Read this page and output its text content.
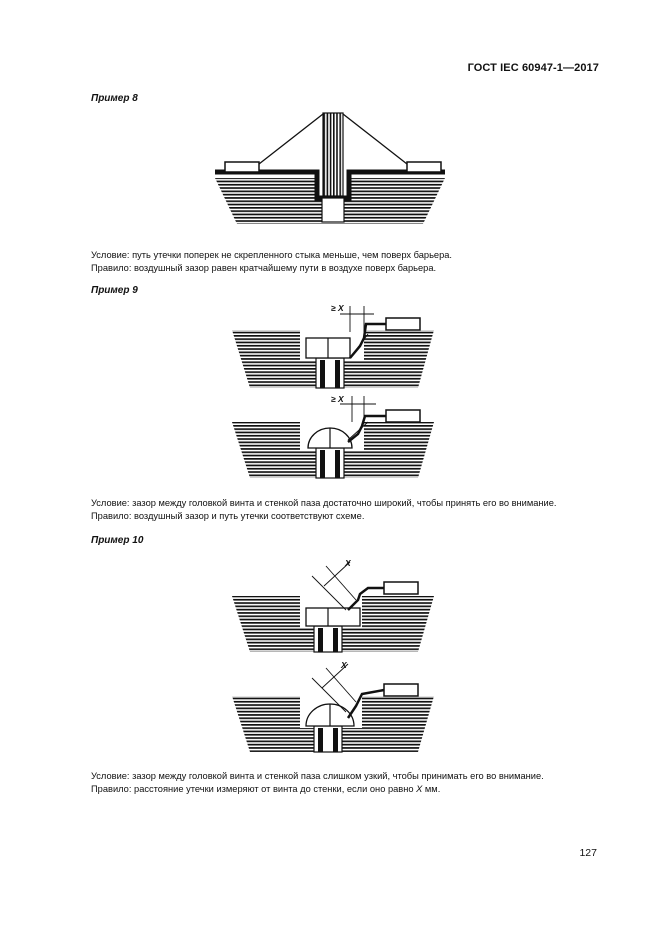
ГОСТ IEC 60947-1—2017
Пример 8
Условие: путь утечки поперек не скрепленного стыка меньше, чем поверх барьера.
Правило: воздушный зазор равен кратчайшему пути в воздухе поверх барьера.
Пример 9
≥ X
≥ X
Условие: зазор между головкой винта и стенкой паза достаточно широкий, чтобы принять его во внимание.
Правило: воздушный зазор и путь утечки соответствуют схеме.
Пример 10
X
X
Условие: зазор между головкой винта и стенкой паза слишком узкий, чтобы принимать его во внимание.
Правило: расстояние утечки измеряют от винта до стенки, если оно равно X мм.
127
